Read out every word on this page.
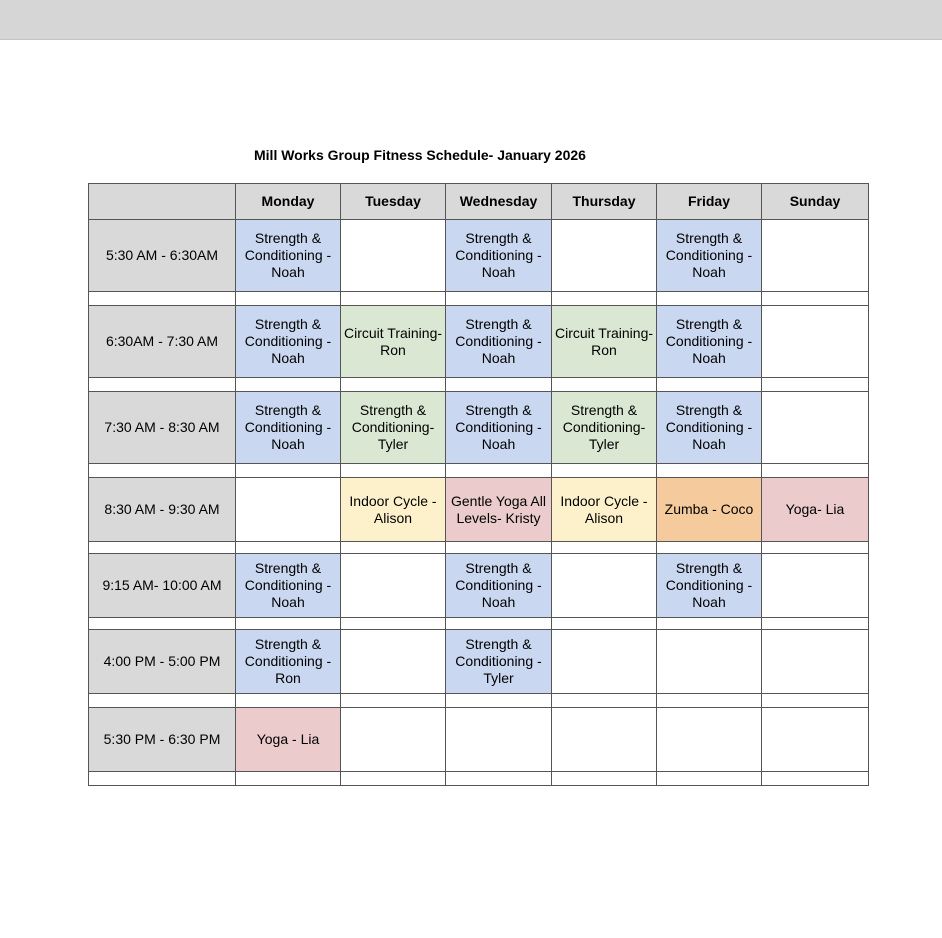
Mill Works Group Fitness Schedule- January 2026
	Monday	Tuesday	Wednesday	Thursday	Friday	Sunday
5:30 AM - 6:30AM	Strength & Conditioning - Noah		Strength & Conditioning - Noah		Strength & Conditioning - Noah	

6:30AM - 7:30 AM	Strength & Conditioning - Noah	Circuit Training- Ron	Strength & Conditioning - Noah	Circuit Training- Ron	Strength & Conditioning - Noah	

7:30 AM - 8:30 AM	Strength & Conditioning - Noah	Strength & Conditioning- Tyler	Strength & Conditioning - Noah	Strength & Conditioning- Tyler	Strength & Conditioning - Noah	

8:30 AM - 9:30 AM		Indoor Cycle - Alison	Gentle Yoga All Levels- Kristy	Indoor Cycle - Alison	Zumba - Coco	Yoga- Lia

9:15 AM- 10:00 AM	Strength & Conditioning - Noah		Strength & Conditioning - Noah		Strength & Conditioning - Noah	

4:00 PM - 5:00 PM	Strength & Conditioning - Ron		Strength & Conditioning - Tyler			

5:30 PM - 6:30 PM	Yoga - Lia					
